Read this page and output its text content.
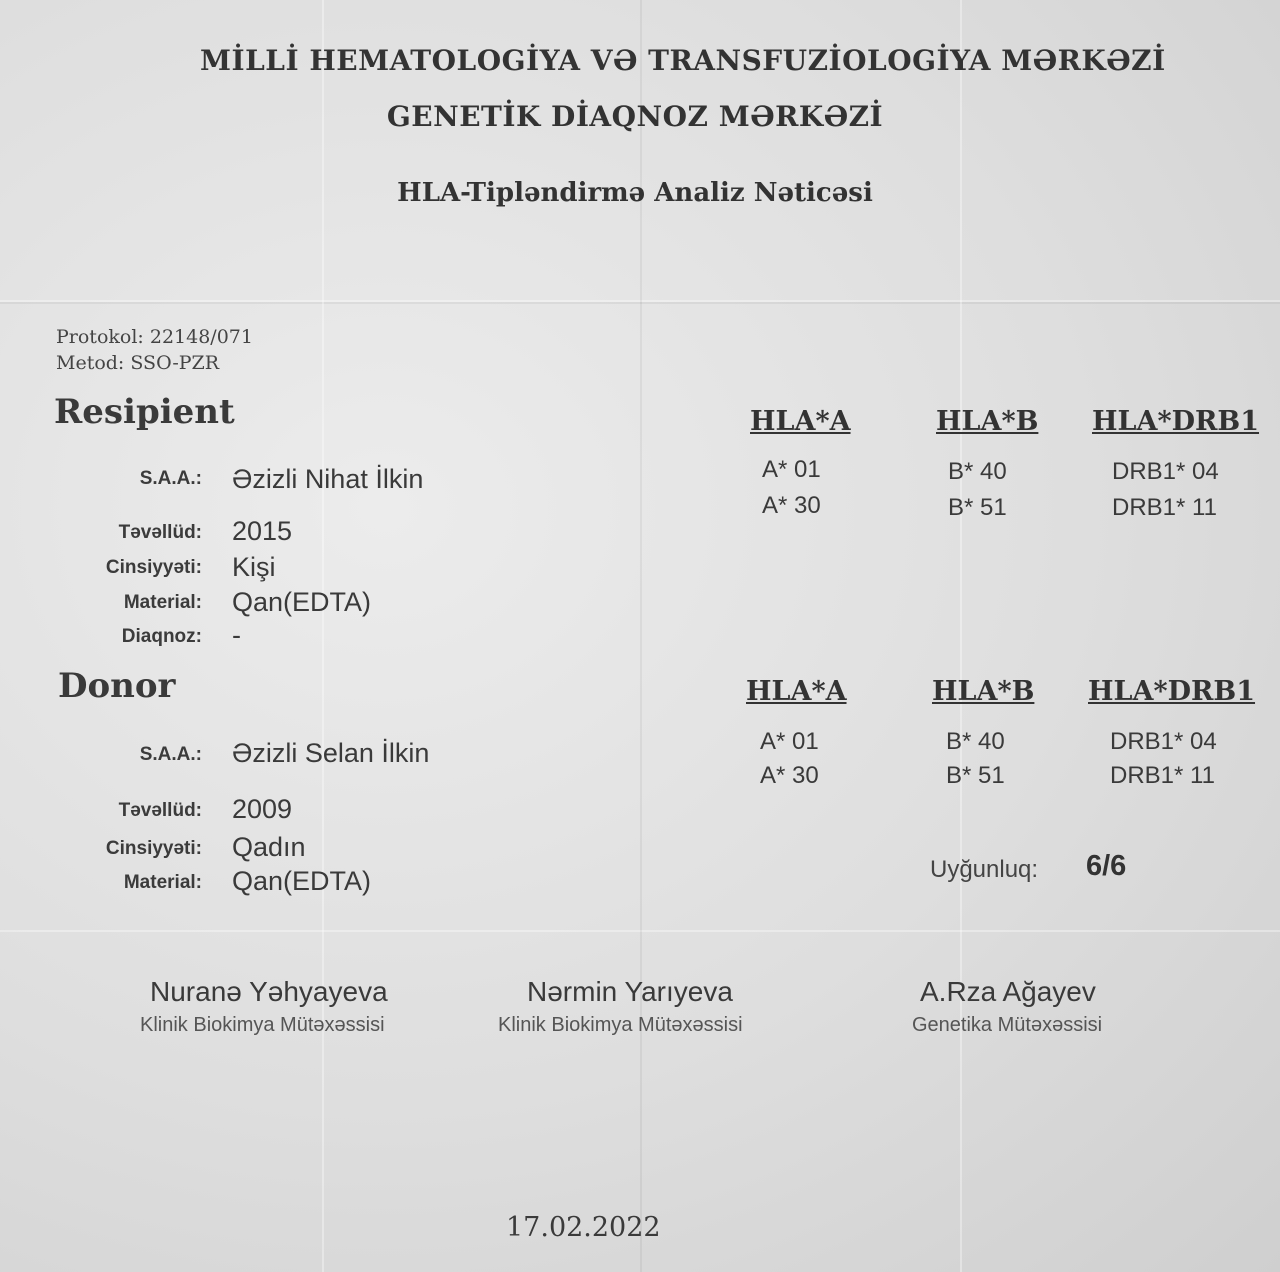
MİLLİ HEMATOLOGİYA VƏ TRANSFUZİOLOGİYA MƏRKƏZİ
GENETİK DİAQNOZ MƏRKƏZİ
HLA-Tipləndirmə Analiz Nəticəsi
Protokol: 22148/071
Metod: SSO-PZR
Resipient
S.A.A.: Əzizli Nihat İlkin
Təvəllüd: 2015
Cinsiyyəti: Kişi
Material: Qan(EDTA)
Diaqnoz: -
HLA*A	HLA*B HLA*DRB1
A* 01
A* 30
B* 40
B* 51
DRB1* 04
DRB1* 11
Donor
S.A.A.: Əzizli Selan İlkin
Təvəllüd: 2009
Cinsiyyəti: Qadın
Material: Qan(EDTA)
HLA*A	HLA*B HLA*DRB1
A* 01
A* 30
B* 40
B* 51
DRB1* 04
DRB1* 11
Uyğunluq: 6/6
Nuranə Yəhyayeva
Klinik Biokimya Mütəxəssisi
Nərmin Yarıyeva
Klinik Biokimya Mütəxəssisi
A.Rza Ağayev
Genetika Mütəxəssisi
17.02.2022
